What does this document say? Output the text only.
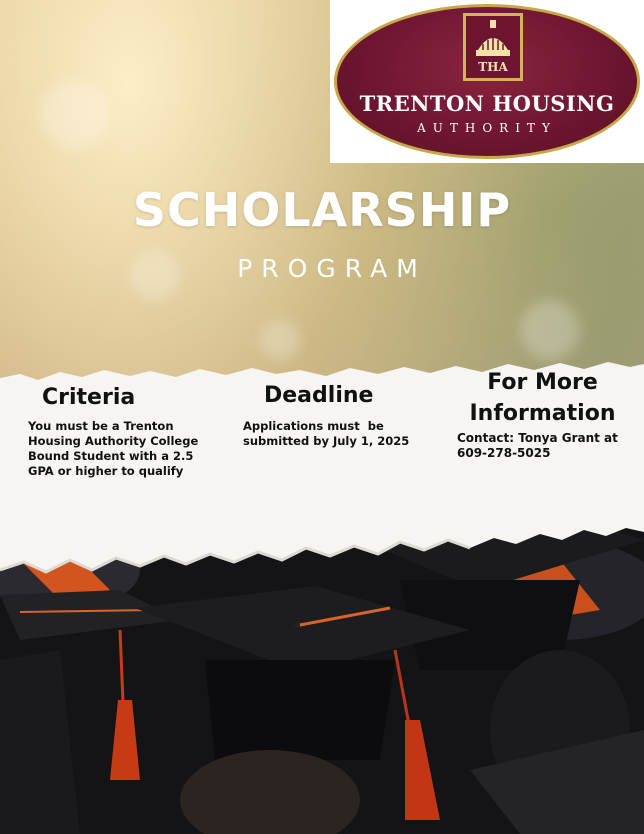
THA
TRENTON HOUSING
AUTHORITY
SCHOLARSHIP
PROGRAM
Criteria
You must be a Trenton
Housing Authority College
Bound Student with a 2.5
GPA or higher to qualify
Deadline
Applications must  be
submitted by July 1, 2025
For More
Information
Contact: Tonya Grant at
609-278-5025
